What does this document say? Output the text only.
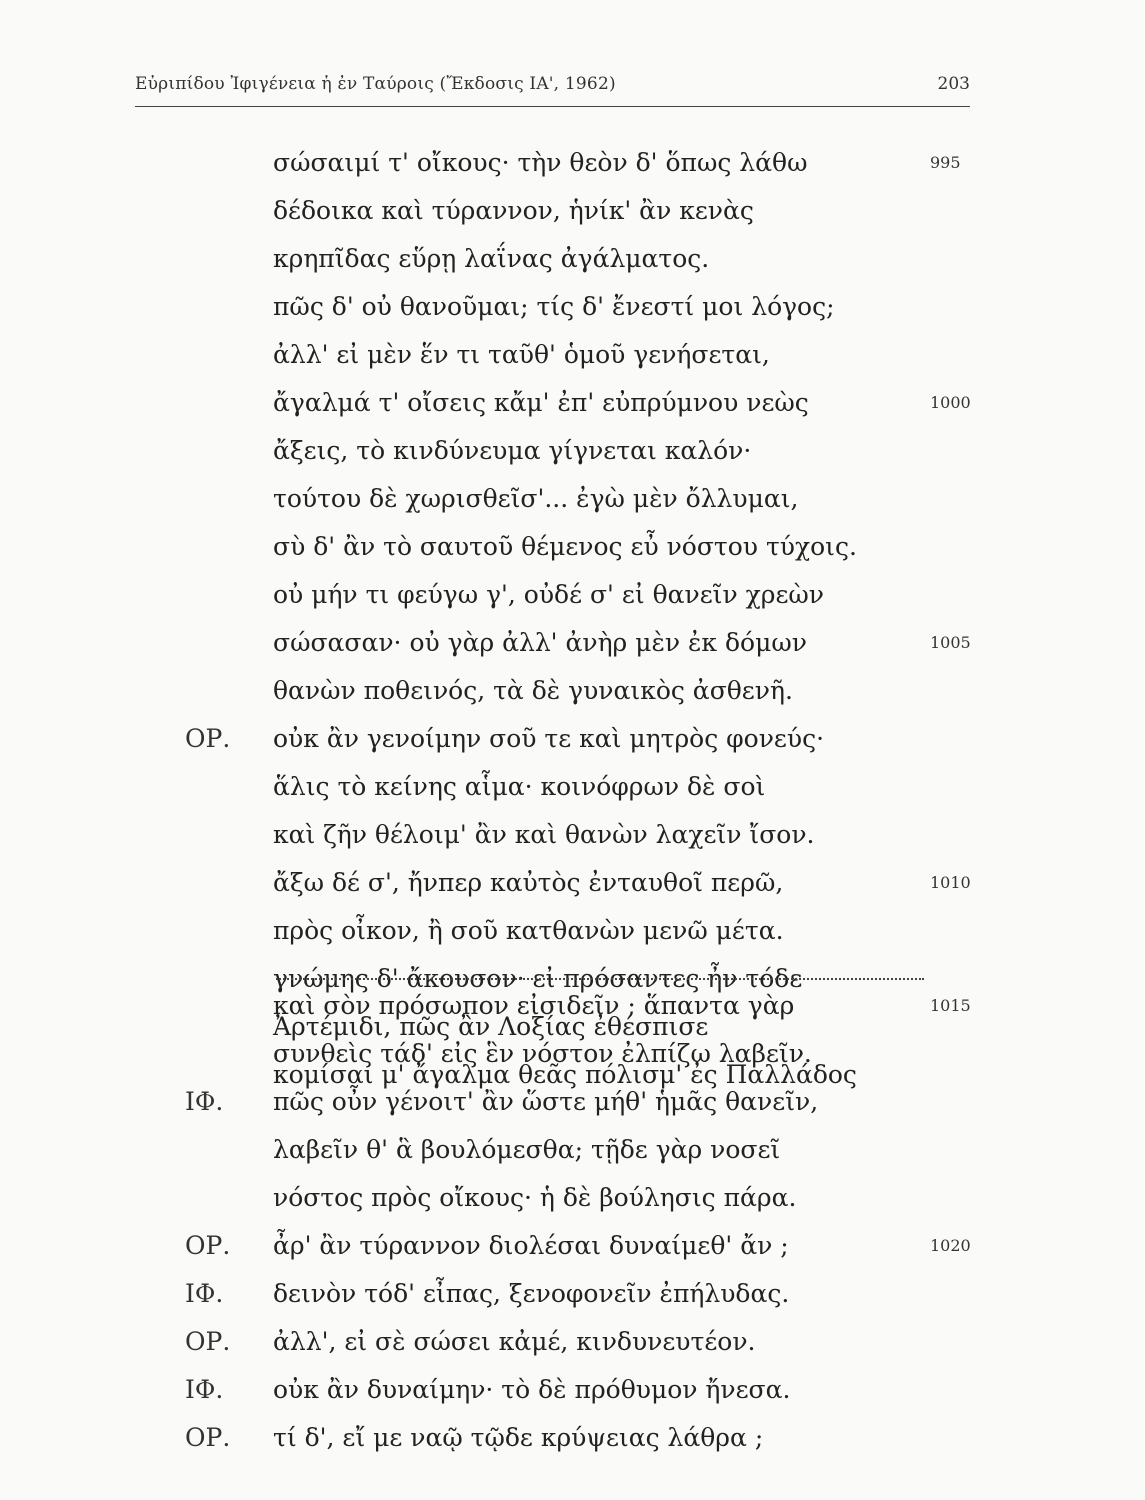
Εὐριπίδου Ἰφιγένεια ἡ ἐν Ταύροις (Ἔκδοσις ΙΑ', 1962)	203
σώσαιμί τ' οἴκους· τὴν θεὸν δ' ὅπως λάθω	995
δέδοικα καὶ τύραννον, ἡνίκ' ἂν κενὰς
κρηπῖδας εὕρῃ λαΐνας ἀγάλματος.
πῶς δ' οὐ θανοῦμαι; τίς δ' ἔνεστί μοι λόγος;
ἀλλ' εἰ μὲν ἕν τι ταῦθ' ὁμοῦ γενήσεται,
ἄγαλμά τ' οἴσεις κἄμ' ἐπ' εὐπρύμνου νεὼς	1000
ἄξεις, τὸ κινδύνευμα γίγνεται καλόν·
τούτου δὲ χωρισθεῖσ'... ἐγὼ μὲν ὄλλυμαι,
σὺ δ' ἂν τὸ σαυτοῦ θέμενος εὖ νόστου τύχοις.
οὐ μήν τι φεύγω γ', οὐδέ σ' εἰ θανεῖν χρεὼν
σώσασαν· οὐ γὰρ ἀλλ' ἀνὴρ μὲν ἐκ δόμων	1005
θανὼν ποθεινός, τὰ δὲ γυναικὸς ἀσθενῆ.
ΟΡ.	οὐκ ἂν γενοίμην σοῦ τε καὶ μητρὸς φονεύς·
ἅλις τὸ κείνης αἷμα· κοινόφρων δὲ σοὶ
καὶ ζῆν θέλοιμ' ἂν καὶ θανὼν λαχεῖν ἴσον.
ἄξω δέ σ', ἤνπερ καὐτὸς ἐνταυθοῖ περῶ,	1010
πρὸς οἶκον, ἢ σοῦ κατθανὼν μενῶ μέτα.
γνώμης δ' ἄκουσον· εἰ πρόσαντες ἦν τόδε
Ἀρτέμιδι, πῶς ἂν Λοξίας ἐθέσπισε
κομίσαι μ' ἄγαλμα θεᾶς πόλισμ' ἐς Παλλάδος
καὶ σὸν πρόσωπον εἰσιδεῖν ; ἅπαντα γὰρ	1015
συνθεὶς τάδ' εἰς ἓν νόστον ἐλπίζω λαβεῖν.
ΙΦ.	πῶς οὖν γένοιτ' ἂν ὥστε μήθ' ἡμᾶς θανεῖν,
λαβεῖν θ' ἃ βουλόμεσθα; τῇδε γὰρ νοσεῖ
νόστος πρὸς οἴκους· ἡ δὲ βούλησις πάρα.
ΟΡ.	ἆρ' ἂν τύραννον διολέσαι δυναίμεθ' ἄν ;	1020
ΙΦ.	δεινὸν τόδ' εἶπας, ξενοφονεῖν ἐπήλυδας.
ΟΡ.	ἀλλ', εἰ σὲ σώσει κἀμέ, κινδυνευτέον.
ΙΦ.	οὐκ ἂν δυναίμην· τὸ δὲ πρόθυμον ἤνεσα.
ΟΡ.	τί δ', εἴ με ναῷ τῷδε κρύψειας λάθρα ;
